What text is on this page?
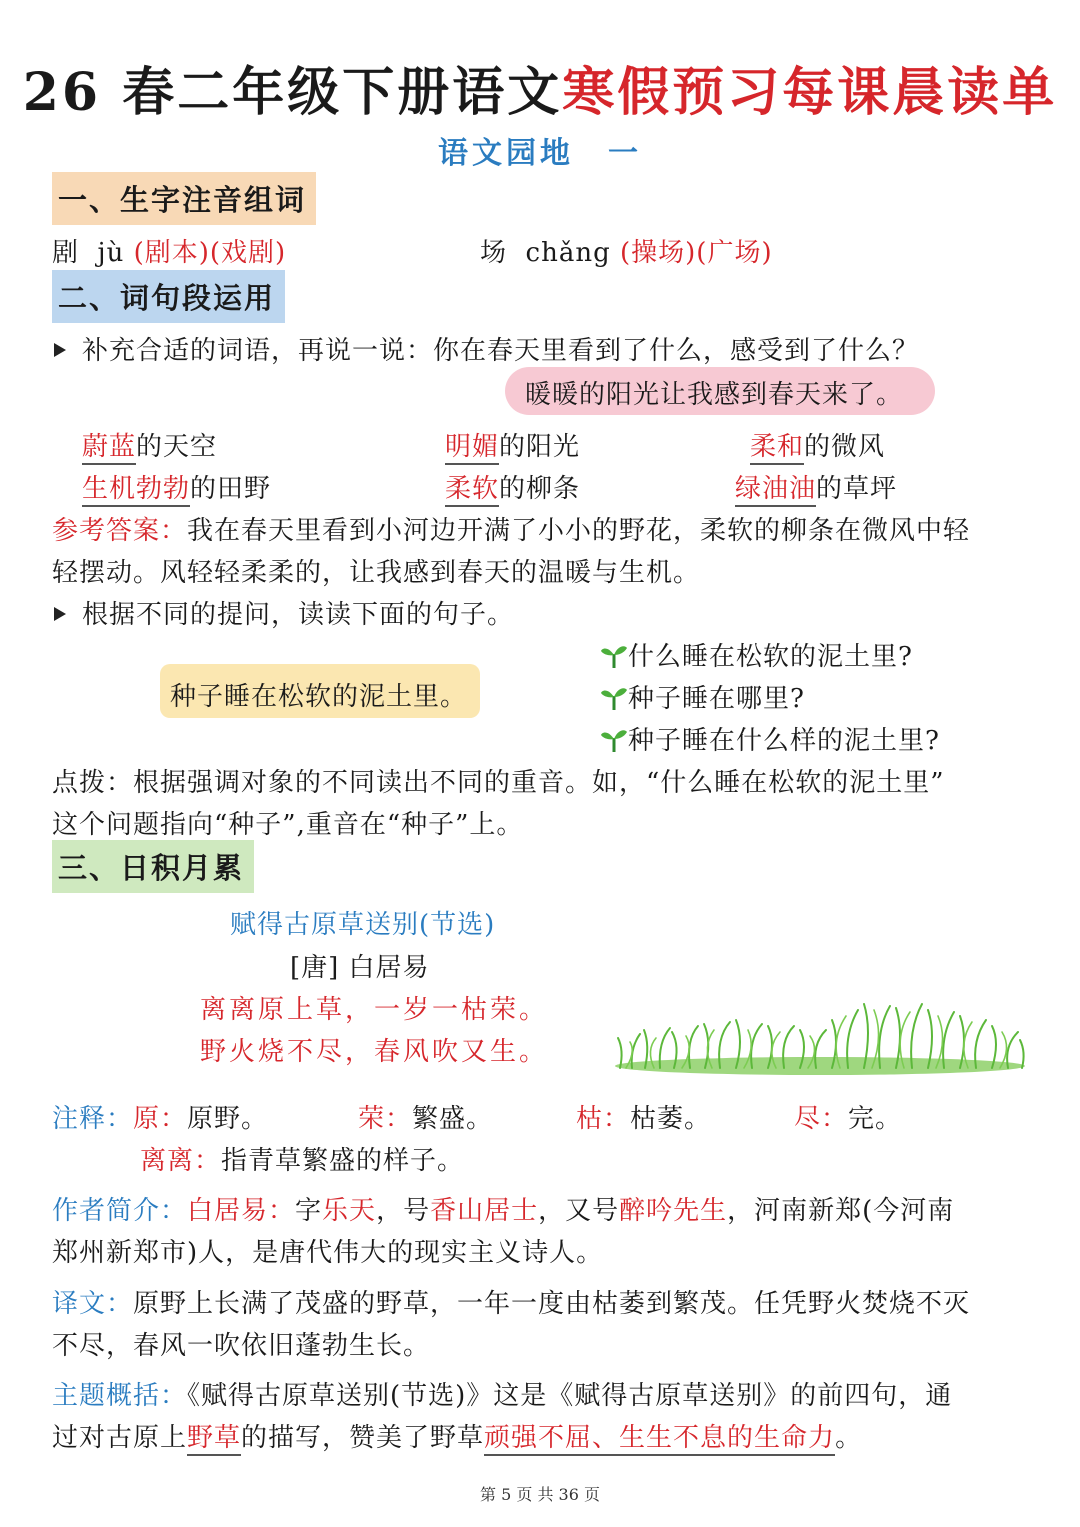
26 春二年级下册语文寒假预习每课晨读单
语文园地　一
一、生字注音组词
剧 jù (剧本)(戏剧)	场 chǎng (操场)(广场)
二、词句段运用
补充合适的词语，再说一说：你在春天里看到了什么，感受到了什么？
暖暖的阳光让我感到春天来了。
蔚蓝的天空	明媚的阳光	柔和的微风
生机勃勃的田野	柔软的柳条	绿油油的草坪
参考答案：我在春天里看到小河边开满了小小的野花，柔软的柳条在微风中轻
轻摆动。风轻轻柔柔的，让我感到春天的温暖与生机。
根据不同的提问，读读下面的句子。
什么睡在松软的泥土里?
种子睡在哪里?
种子睡在什么样的泥土里?
种子睡在松软的泥土里。
点拨：根据强调对象的不同读出不同的重音。如，“什么睡在松软的泥土里”
这个问题指向“种子”,重音在“种子”上。
三、日积月累
赋得古原草送别(节选)
[唐] 白居易
离离原上草，一岁一枯荣。
野火烧不尽，春风吹又生。
注释：原：原野。	荣：繁盛。	枯：枯萎。	尽：完。
离离：指青草繁盛的样子。
作者简介：白居易：字乐天，号香山居士，又号醉吟先生，河南新郑(今河南
郑州新郑市)人，是唐代伟大的现实主义诗人。
译文：原野上长满了茂盛的野草，一年一度由枯萎到繁茂。任凭野火焚烧不灭
不尽，春风一吹依旧蓬勃生长。
主题概括：《赋得古原草送别(节选)》这是《赋得古原草送别》的前四句，通
过对古原上野草的描写，赞美了野草顽强不屈、生生不息的生命力。
第 5 页 共 36 页
